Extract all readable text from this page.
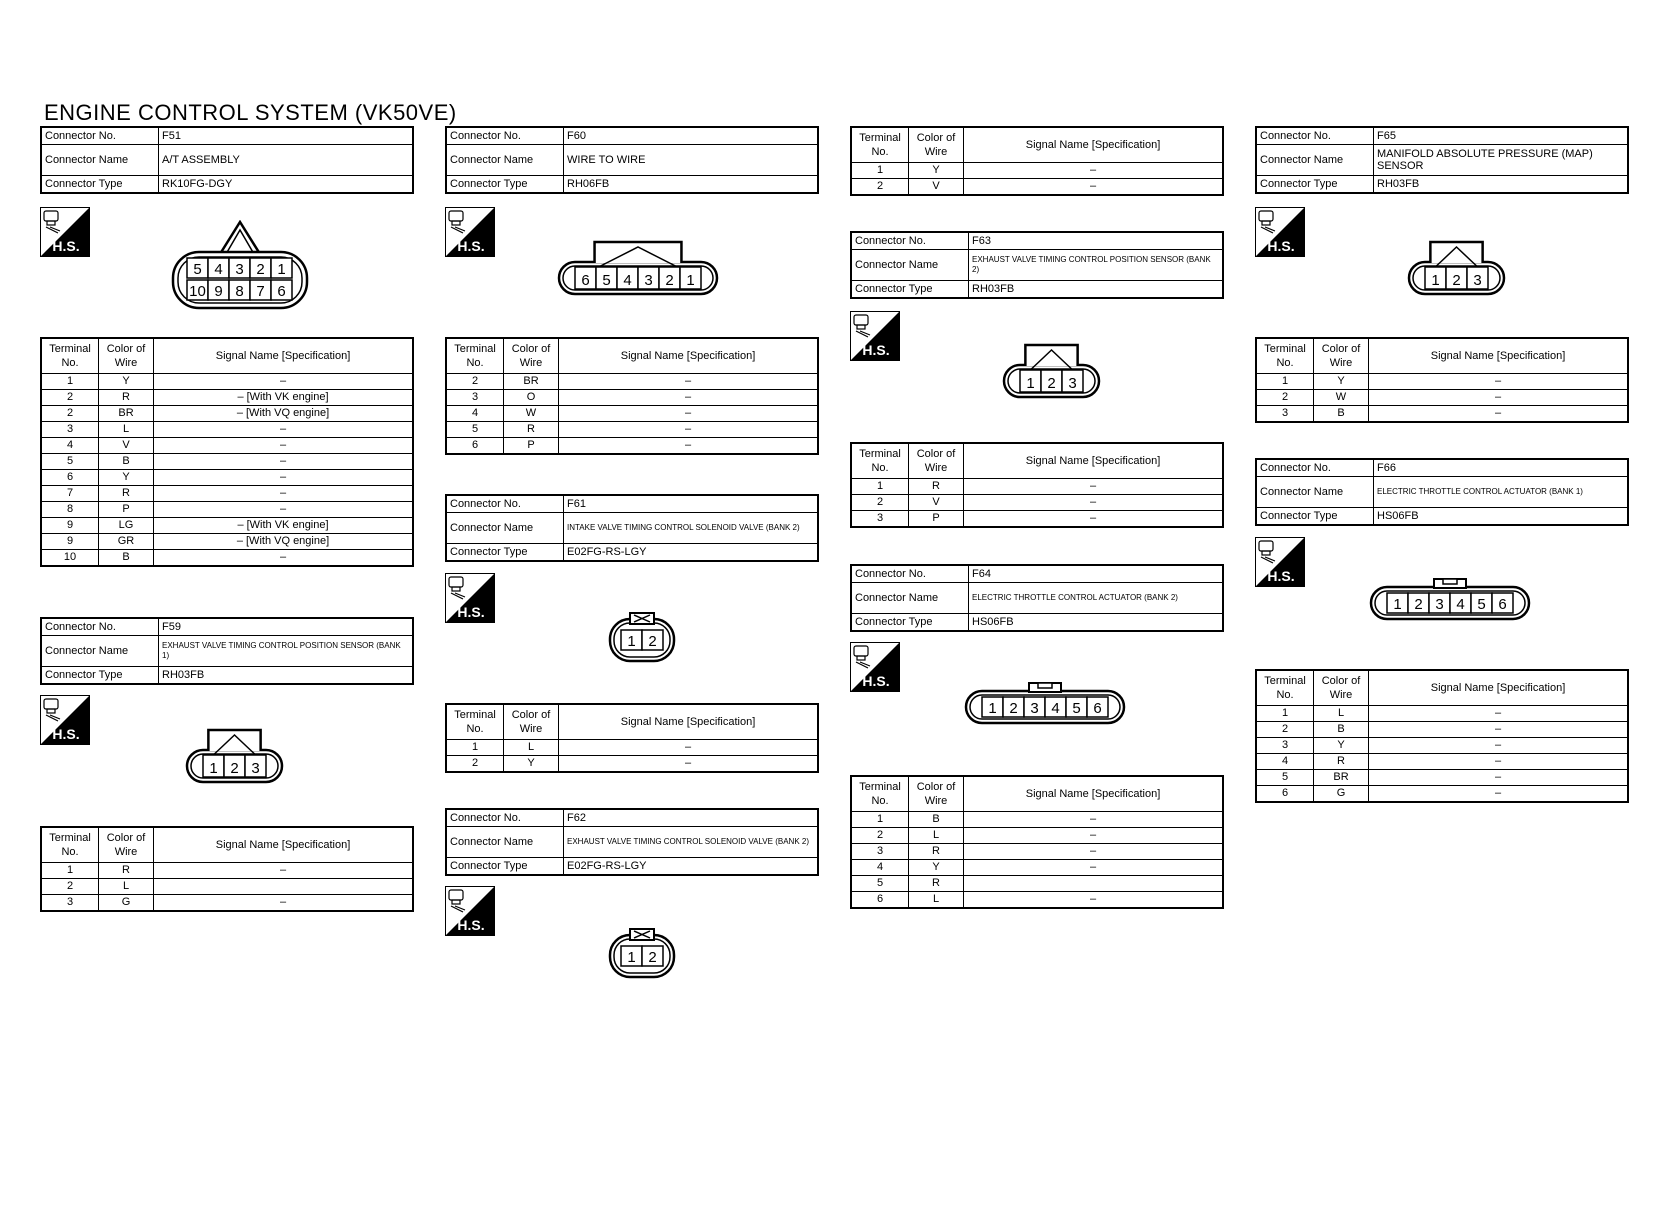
ENGINE CONTROL SYSTEM (VK50VE)
Connector No.	F51
Connector Name	A/T ASSEMBLY
Connector Type	RK10FG-DGY
H.S.
5 4 3 2 1
10 9 8 7 6
Terminal No.	Color of Wire	Signal Name [Specification]
1	Y	–
2	R	– [With VK engine]
2	BR	– [With VQ engine]
3	L	–
4	V	–
5	B	–
6	Y	–
7	R	–
8	P	–
9	LG	– [With VK engine]
9	GR	– [With VQ engine]
10	B	–
Connector No.	F59
Connector Name	EXHAUST VALVE TIMING CONTROL POSITION SENSOR (BANK 1)
Connector Type	RH03FB
H.S.
1 2 3
Terminal No.	Color of Wire	Signal Name [Specification]
1	R	–
2	L	
3	G	–
Connector No.	F60
Connector Name	WIRE TO WIRE
Connector Type	RH06FB
H.S.
6 5 4 3 2 1
Terminal No.	Color of Wire	Signal Name [Specification]
2	BR	–
3	O	–
4	W	–
5	R	–
6	P	–
Connector No.	F61
Connector Name	INTAKE VALVE TIMING CONTROL SOLENOID VALVE (BANK 2)
Connector Type	E02FG-RS-LGY
H.S.
1 2
Terminal No.	Color of Wire	Signal Name [Specification]
1	L	–
2	Y	–
Connector No.	F62
Connector Name	EXHAUST VALVE TIMING CONTROL SOLENOID VALVE (BANK 2)
Connector Type	E02FG-RS-LGY
H.S.
1 2
Terminal No.	Color of Wire	Signal Name [Specification]
1	Y	–
2	V	–
Connector No.	F63
Connector Name	EXHAUST VALVE TIMING CONTROL POSITION SENSOR (BANK 2)
Connector Type	RH03FB
H.S.
1 2 3
Terminal No.	Color of Wire	Signal Name [Specification]
1	R	–
2	V	–
3	P	–
Connector No.	F64
Connector Name	ELECTRIC THROTTLE CONTROL ACTUATOR (BANK 2)
Connector Type	HS06FB
H.S.
1 2 3 4 5 6
Terminal No.	Color of Wire	Signal Name [Specification]
1	B	–
2	L	–
3	R	–
4	Y	–
5	R	
6	L	–
Connector No.	F65
Connector Name	MANIFOLD ABSOLUTE PRESSURE (MAP) SENSOR
Connector Type	RH03FB
H.S.
1 2 3
Terminal No.	Color of Wire	Signal Name [Specification]
1	Y	–
2	W	–
3	B	–
Connector No.	F66
Connector Name	ELECTRIC THROTTLE CONTROL ACTUATOR (BANK 1)
Connector Type	HS06FB
H.S.
1 2 3 4 5 6
Terminal No.	Color of Wire	Signal Name [Specification]
1	L	–
2	B	–
3	Y	–
4	R	–
5	BR	–
6	G	–
